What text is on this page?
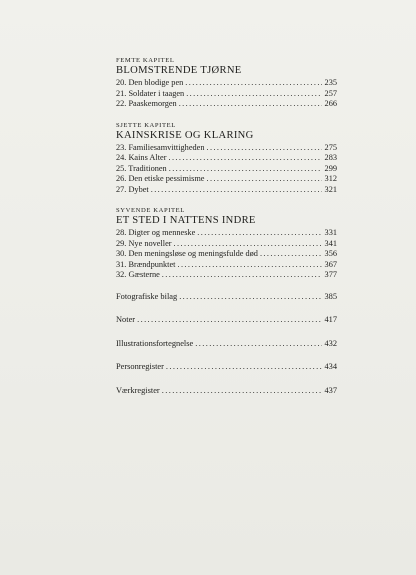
FEMTE KAPITEL
BLOMSTRENDE TJØRNE
20. Den blodige pen .....	235
21. Soldater i taagen .....	257
22. Paaskemorgen .....	266
SJETTE KAPITEL
KAINSKRISE OG KLARING
23. Familiesamvittigheden .....	275
24. Kains Alter .....	283
25. Traditionen .....	299
26. Den etiske pessimisme .....	312
27. Dybet .....	321
SYVENDE KAPITEL
ET STED I NATTENS INDRE
28. Digter og menneske .....	331
29. Nye noveller .....	341
30. Den meningsløse og meningsfulde død .....	356
31. Brændpunktet .....	367
32. Gæsterne .....	377
Fotografiske bilag .....	385
Noter .....	417
Illustrationsfortegnelse .....	432
Personregister .....	434
Værkregister .....	437
